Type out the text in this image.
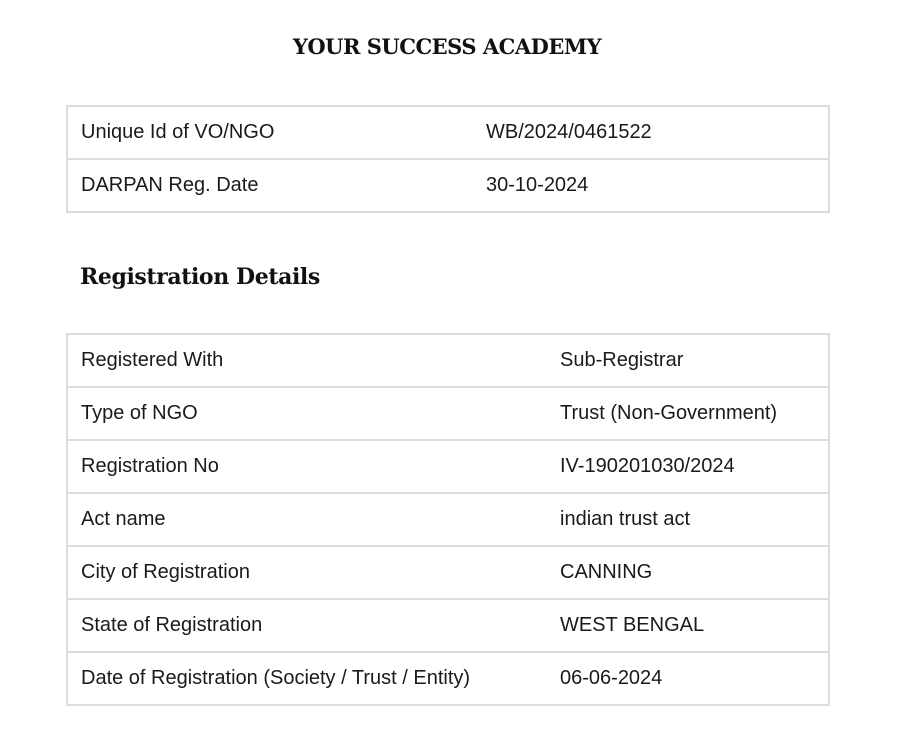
YOUR SUCCESS ACADEMY
Unique Id of VO/NGO	WB/2024/0461522
DARPAN Reg. Date	30-10-2024
Registration Details
Registered With	Sub-Registrar
Type of NGO	Trust (Non-Government)
Registration No	IV-190201030/2024
Act name	indian trust act
City of Registration	CANNING
State of Registration	WEST BENGAL
Date of Registration (Society / Trust / Entity)	06-06-2024
